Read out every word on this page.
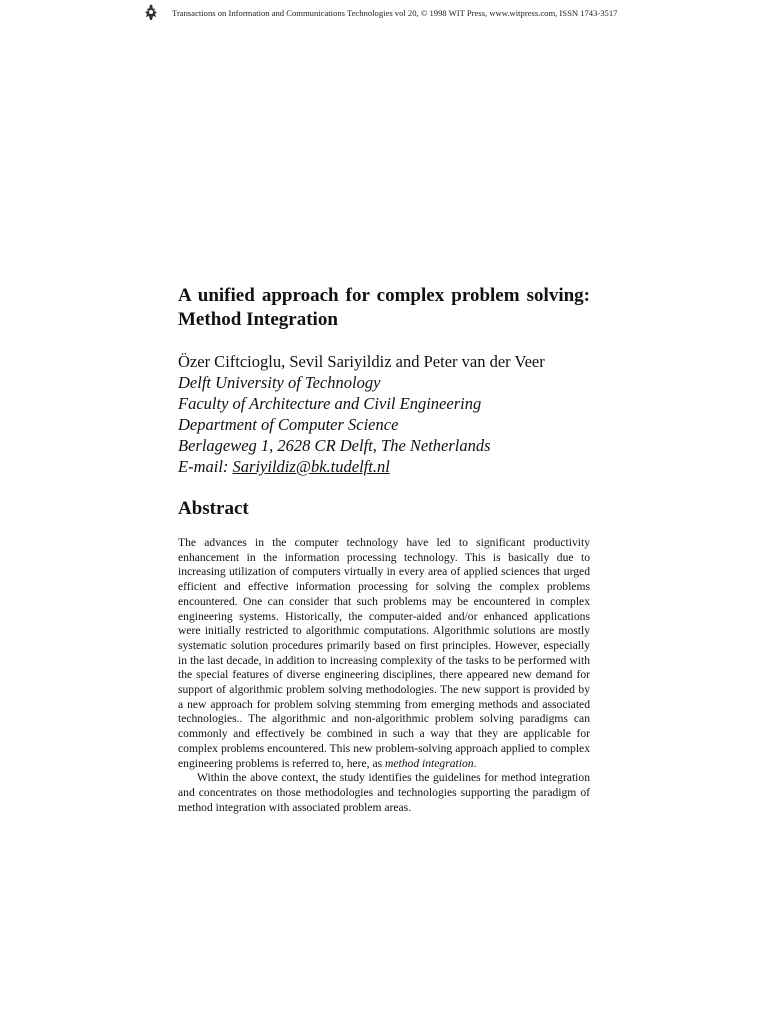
Transactions on Information and Communications Technologies vol 20, © 1998 WIT Press, www.witpress.com, ISSN 1743-3517
A unified approach for complex problem solving: Method Integration
Özer Ciftcioglu, Sevil Sariyildiz and Peter van der Veer
Delft University of Technology
Faculty of Architecture and Civil Engineering
Department of Computer Science
Berlageweg 1, 2628 CR Delft, The Netherlands
E-mail: Sariyildiz@bk.tudelft.nl
Abstract

The advances in the computer technology have led to significant productivity enhancement in the information processing technology. This is basically due to increasing utilization of computers virtually in every area of applied sciences that urged efficient and effective information processing for solving the complex problems encountered. One can consider that such problems may be encountered in complex engineering systems. Historically, the computer-aided and/or enhanced applications were initially restricted to algorithmic computations. Algorithmic solutions are mostly systematic solution procedures primarily based on first principles. However, especially in the last decade, in addition to increasing complexity of the tasks to be performed with the special features of diverse engineering disciplines, there appeared new demand for support of algorithmic problem solving methodologies. The new support is provided by a new approach for problem solving stemming from emerging methods and associated technologies.. The algorithmic and non-algorithmic problem solving paradigms can commonly and effectively be combined in such a way that they are applicable for complex problems encountered. This new problem-solving approach applied to complex engineering problems is referred to, here, as method integration.

Within the above context, the study identifies the guidelines for method integration and concentrates on those methodologies and technologies supporting the paradigm of method integration with associated problem areas.
